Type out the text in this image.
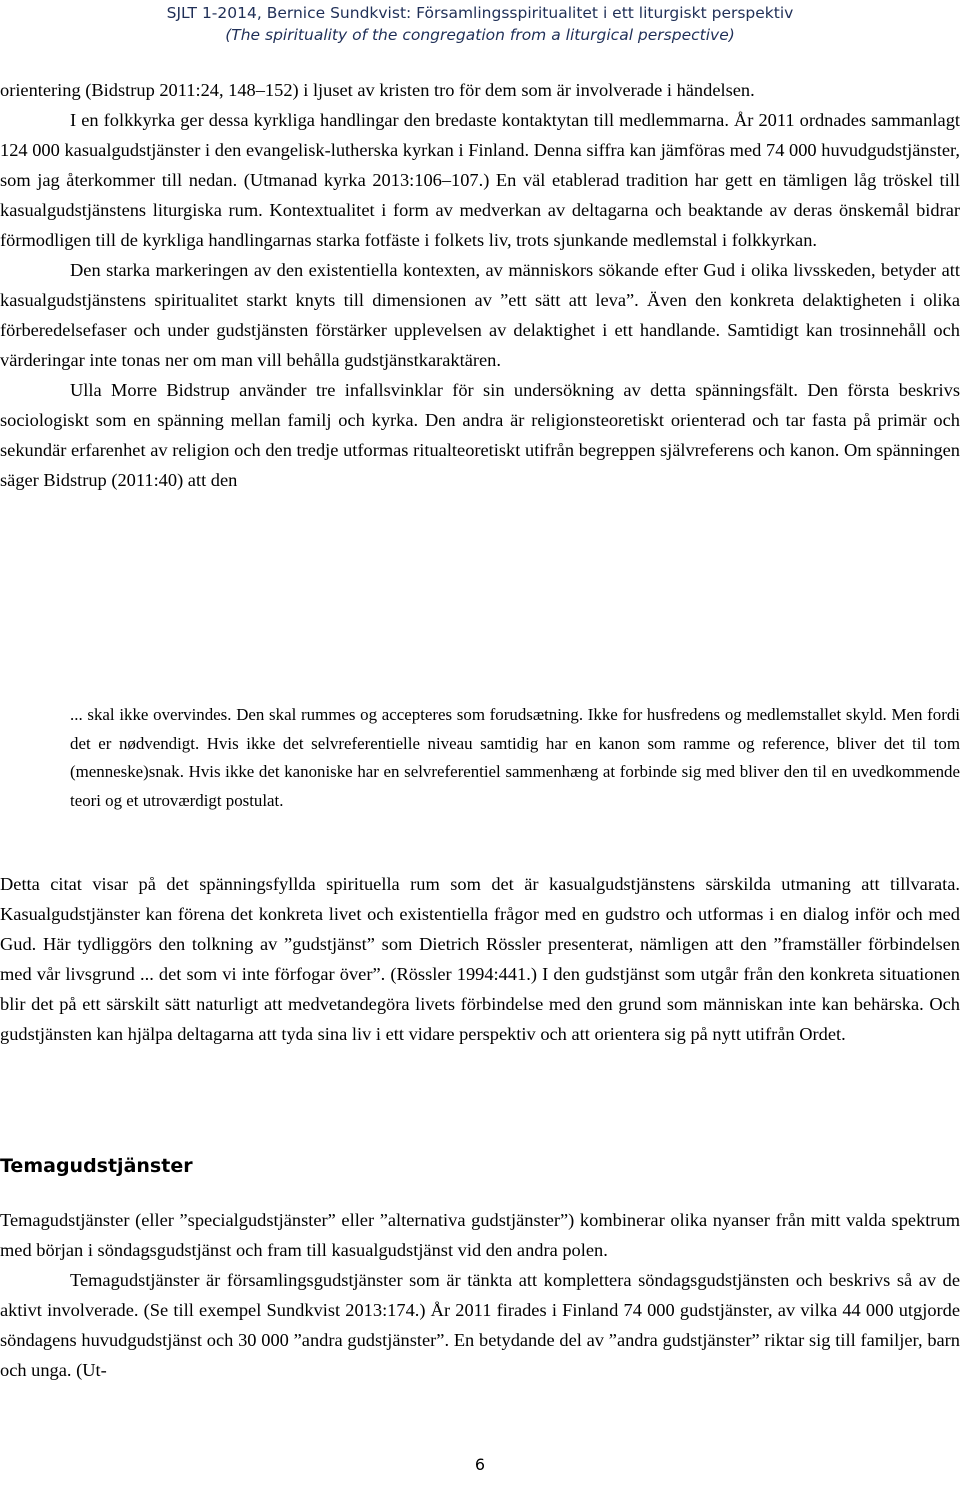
SJLT 1-2014, Bernice Sundkvist: Församlingsspiritualitet i ett liturgiskt perspektiv
(The spirituality of the congregation from a liturgical perspective)

orientering (Bidstrup 2011:24, 148–152) i ljuset av kristen tro för dem som är involverade i händelsen.

I en folkkyrka ger dessa kyrkliga handlingar den bredaste kontaktytan till medlemmarna. År 2011 ordnades sammanlagt 124 000 kasualgudstjänster i den evangelisk-lutherska kyrkan i Finland. Denna siffra kan jämföras med 74 000 huvudgudstjänster, som jag återkommer till nedan. (Utmanad kyrka 2013:106–107.) En väl etablerad tradition har gett en tämligen låg tröskel till kasualgudstjänstens liturgiska rum. Kontextualitet i form av medverkan av deltagarna och beaktande av deras önskemål bidrar förmodligen till de kyrkliga handlingarnas starka fotfäste i folkets liv, trots sjunkande medlemstal i folkkyrkan.

Den starka markeringen av den existentiella kontexten, av människors sökande efter Gud i olika livsskeden, betyder att kasualgudstjänstens spiritualitet starkt knyts till dimensionen av ”ett sätt att leva”. Även den konkreta delaktigheten i olika förberedelsefaser och under gudstjänsten förstärker upplevelsen av delaktighet i ett handlande. Samtidigt kan trosinnehåll och värderingar inte tonas ner om man vill behålla gudstjänstkaraktären.

Ulla Morre Bidstrup använder tre infallsvinklar för sin undersökning av detta spänningsfält. Den första beskrivs sociologiskt som en spänning mellan familj och kyrka. Den andra är religionsteoretiskt orienterad och tar fasta på primär och sekundär erfarenhet av religion och den tredje utformas ritualteoretiskt utifrån begreppen självreferens och kanon. Om spänningen säger Bidstrup (2011:40) att den

... skal ikke overvindes. Den skal rummes og accepteres som forudsætning. Ikke for husfredens og medlemstallet skyld. Men fordi det er nødvendigt. Hvis ikke det selvreferentielle niveau samtidig har en kanon som ramme og reference, bliver det til tom (menneske)snak. Hvis ikke det kanoniske har en selvreferentiel sammenhæng at forbinde sig med bliver den til en uvedkommende teori og et utroværdigt postulat.

Detta citat visar på det spänningsfyllda spirituella rum som det är kasualgudstjänstens särskilda utmaning att tillvarata. Kasualgudstjänster kan förena det konkreta livet och existentiella frågor med en gudstro och utformas i en dialog inför och med Gud. Här tydliggörs den tolkning av ”gudstjänst” som Dietrich Rössler presenterat, nämligen att den ”framställer förbindelsen med vår livsgrund ... det som vi inte förfogar över”. (Rössler 1994:441.) I den gudstjänst som utgår från den konkreta situationen blir det på ett särskilt sätt naturligt att medvetandegöra livets förbindelse med den grund som människan inte kan behärska. Och gudstjänsten kan hjälpa deltagarna att tyda sina liv i ett vidare perspektiv och att orientera sig på nytt utifrån Ordet.

Temagudstjänster

Temagudstjänster (eller ”specialgudstjänster” eller ”alternativa gudstjänster”) kombinerar olika nyanser från mitt valda spektrum med början i söndagsgudstjänst och fram till kasualgudstjänst vid den andra polen.

Temagudstjänster är församlingsgudstjänster som är tänkta att komplettera söndagsgudstjänsten och beskrivs så av de aktivt involverade. (Se till exempel Sundkvist 2013:174.) År 2011 firades i Finland 74 000 gudstjänster, av vilka 44 000 utgjorde söndagens huvudgudstjänst och 30 000 ”andra gudstjänster”. En betydande del av ”andra gudstjänster” riktar sig till familjer, barn och unga. (Ut-

6
